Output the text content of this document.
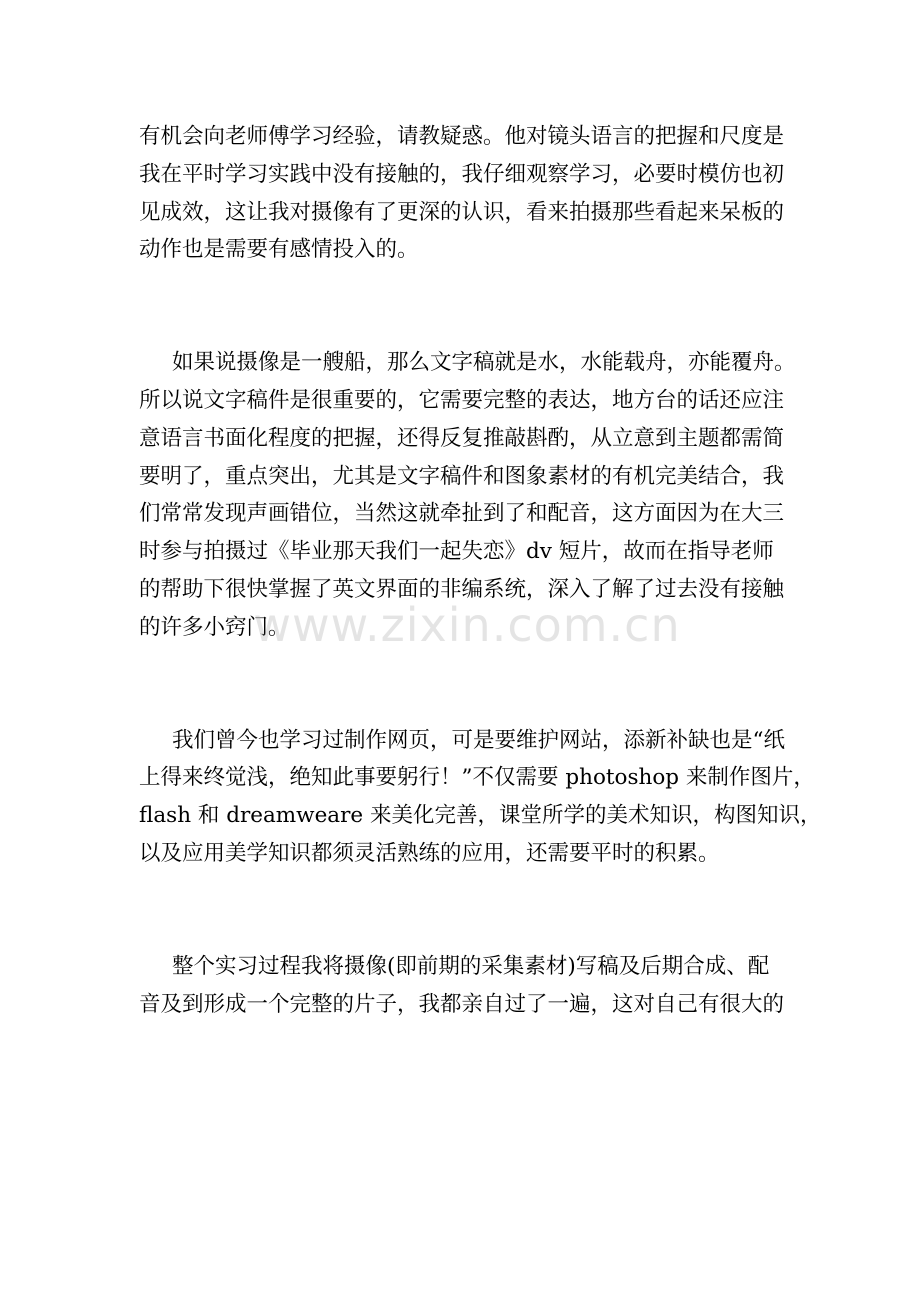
有机会向老师傅学习经验，请教疑惑。他对镜头语言的把握和尺度是
我在平时学习实践中没有接触的，我仔细观察学习，必要时模仿也初
见成效，这让我对摄像有了更深的认识，看来拍摄那些看起来呆板的
动作也是需要有感情投入的。

如果说摄像是一艘船，那么文字稿就是水，水能载舟，亦能覆舟。
所以说文字稿件是很重要的，它需要完整的表达，地方台的话还应注
意语言书面化程度的把握，还得反复推敲斟酌，从立意到主题都需简
要明了，重点突出，尤其是文字稿件和图象素材的有机完美结合，我
们常常发现声画错位，当然这就牵扯到了和配音，这方面因为在大三
时参与拍摄过《毕业那天我们一起失恋》dv 短片，故而在指导老师
的帮助下很快掌握了英文界面的非编系统，深入了解了过去没有接触
的许多小窍门。

我们曾今也学习过制作网页，可是要维护网站，添新补缺也是“纸
上得来终觉浅，绝知此事要躬行！”不仅需要 photoshop 来制作图片，
flash 和 dreamweare 来美化完善，课堂所学的美术知识，构图知识，
以及应用美学知识都须灵活熟练的应用，还需要平时的积累。

整个实习过程我将摄像(即前期的采集素材)写稿及后期合成、配
音及到形成一个完整的片子，我都亲自过了一遍，这对自己有很大的

www.zixin.com.cn
